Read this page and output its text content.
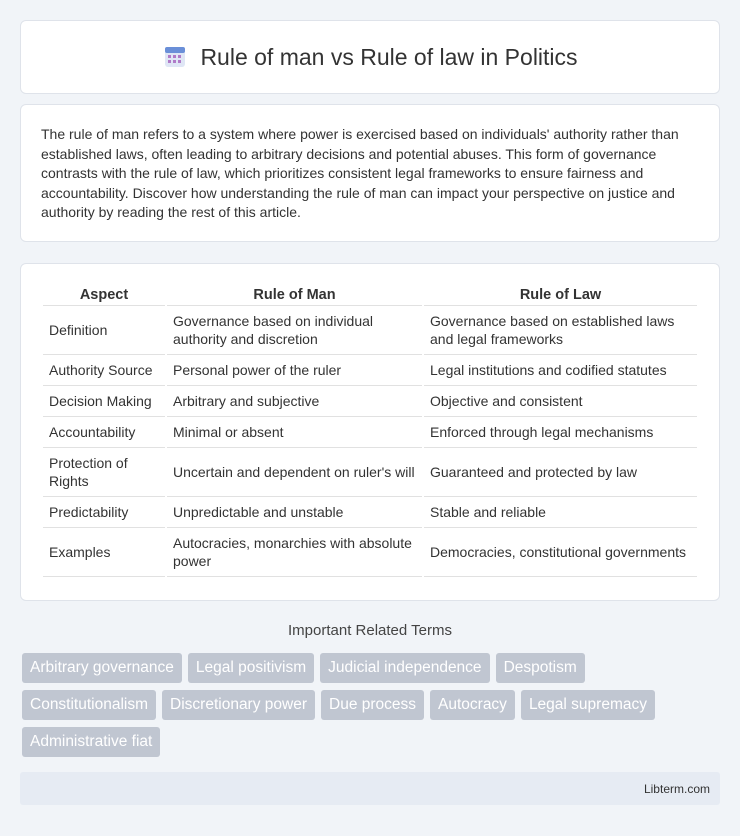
Rule of man vs Rule of law in Politics

The rule of man refers to a system where power is exercised based on individuals' authority rather than established laws, often leading to arbitrary decisions and potential abuses. This form of governance contrasts with the rule of law, which prioritizes consistent legal frameworks to ensure fairness and accountability. Discover how understanding the rule of man can impact your perspective on justice and authority by reading the rest of this article.

Aspect	Rule of Man	Rule of Law
Definition	Governance based on individual authority and discretion	Governance based on established laws and legal frameworks
Authority Source	Personal power of the ruler	Legal institutions and codified statutes
Decision Making	Arbitrary and subjective	Objective and consistent
Accountability	Minimal or absent	Enforced through legal mechanisms
Protection of Rights	Uncertain and dependent on ruler's will	Guaranteed and protected by law
Predictability	Unpredictable and unstable	Stable and reliable
Examples	Autocracies, monarchies with absolute power	Democracies, constitutional governments
Important Related Terms
Arbitrary governance	Legal positivism	Judicial independence	Despotism
Constitutionalism	Discretionary power	Due process	Autocracy	Legal supremacy
Administrative fiat
Libterm.com
